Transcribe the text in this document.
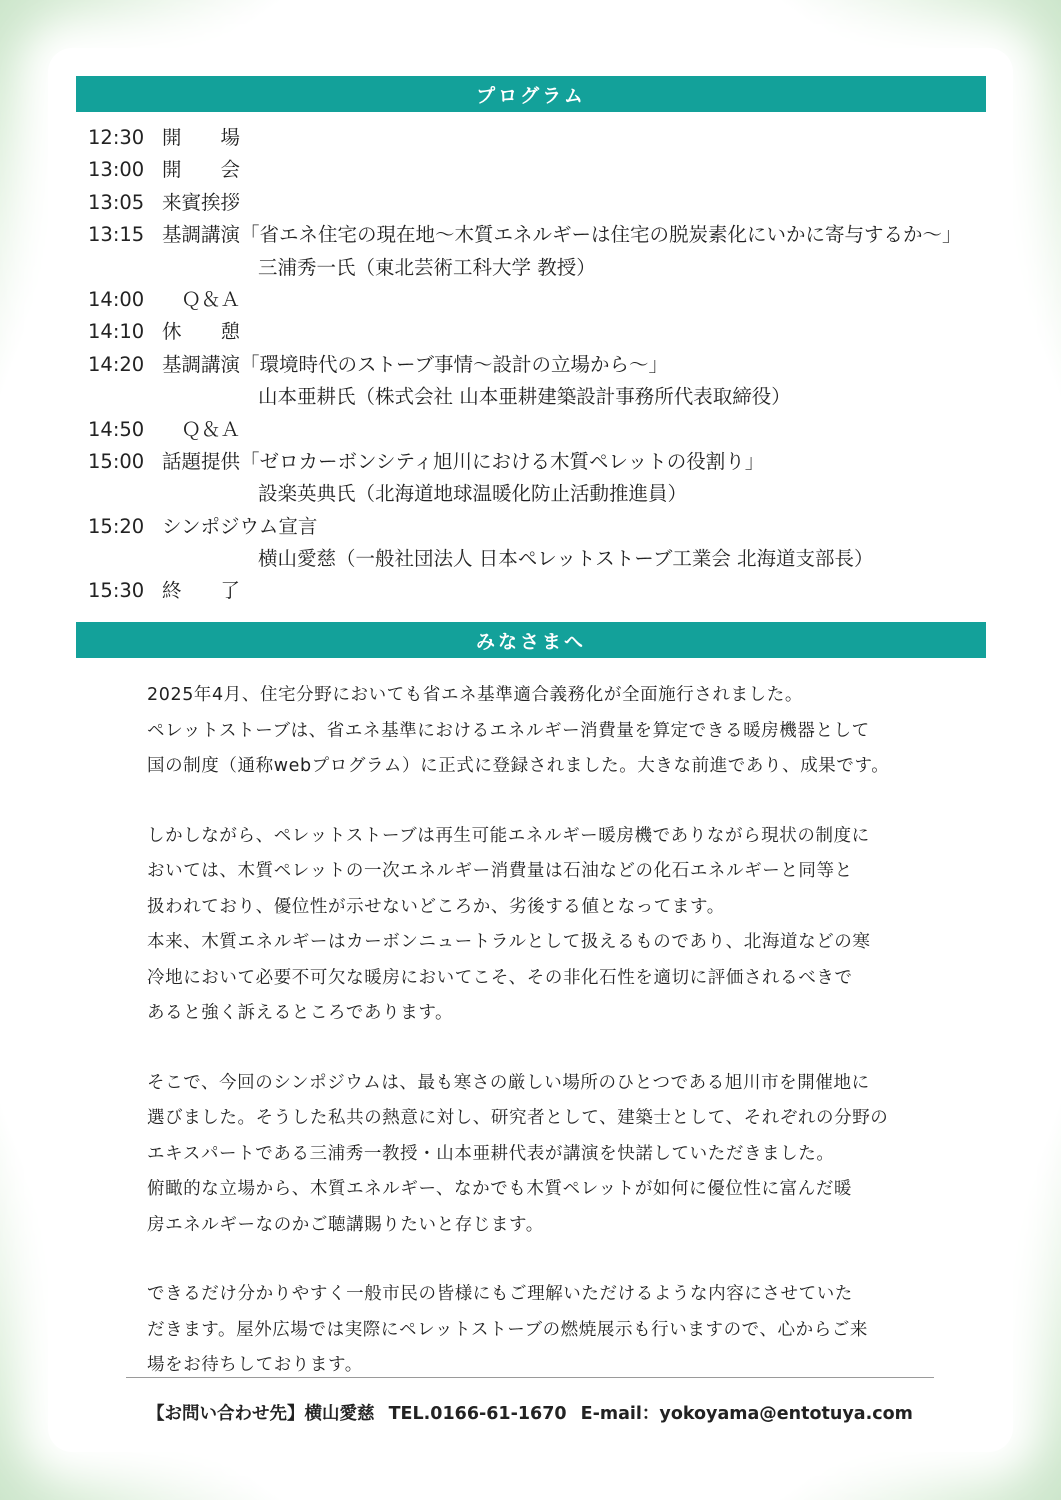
プログラム
12:30 開　　場
13:00 開　　会
13:05 来賓挨拶
13:15 基調講演「省エネ住宅の現在地〜木質エネルギーは住宅の脱炭素化にいかに寄与するか〜」
三浦秀一氏（東北芸術工科大学 教授）
14:00 　Ｑ＆Ａ
14:10 休　　憩
14:20 基調講演「環境時代のストーブ事情〜設計の立場から〜」
山本亜耕氏（株式会社 山本亜耕建築設計事務所代表取締役）
14:50 　Ｑ＆Ａ
15:00 話題提供「ゼロカーボンシティ旭川における木質ペレットの役割り」
設楽英典氏（北海道地球温暖化防止活動推進員）
15:20 シンポジウム宣言
横山愛慈（一般社団法人 日本ペレットストーブ工業会 北海道支部長）
15:30 終　　了
みなさまへ
2025年4月、住宅分野においても省エネ基準適合義務化が全面施行されました。
ペレットストーブは、省エネ基準におけるエネルギー消費量を算定できる暖房機器として
国の制度（通称webプログラム）に正式に登録されました。大きな前進であり、成果です。
しかしながら、ペレットストーブは再生可能エネルギー暖房機でありながら現状の制度に
おいては、木質ペレットの一次エネルギー消費量は石油などの化石エネルギーと同等と
扱われており、優位性が示せないどころか、劣後する値となってます。
本来、木質エネルギーはカーボンニュートラルとして扱えるものであり、北海道などの寒
冷地において必要不可欠な暖房においてこそ、その非化石性を適切に評価されるべきで
あると強く訴えるところであります。
そこで、今回のシンポジウムは、最も寒さの厳しい場所のひとつである旭川市を開催地に
選びました。そうした私共の熱意に対し、研究者として、建築士として、それぞれの分野の
エキスパートである三浦秀一教授・山本亜耕代表が講演を快諾していただきました。
俯瞰的な立場から、木質エネルギー、なかでも木質ペレットが如何に優位性に富んだ暖
房エネルギーなのかご聴講賜りたいと存じます。
できるだけ分かりやすく一般市民の皆様にもご理解いただけるような内容にさせていた
だきます。屋外広場では実際にペレットストーブの燃焼展示も行いますので、心からご来
場をお待ちしております。
【お問い合わせ先】横山愛慈 TEL.0166-61-1670 E-mail：yokoyama@entotuya.com
